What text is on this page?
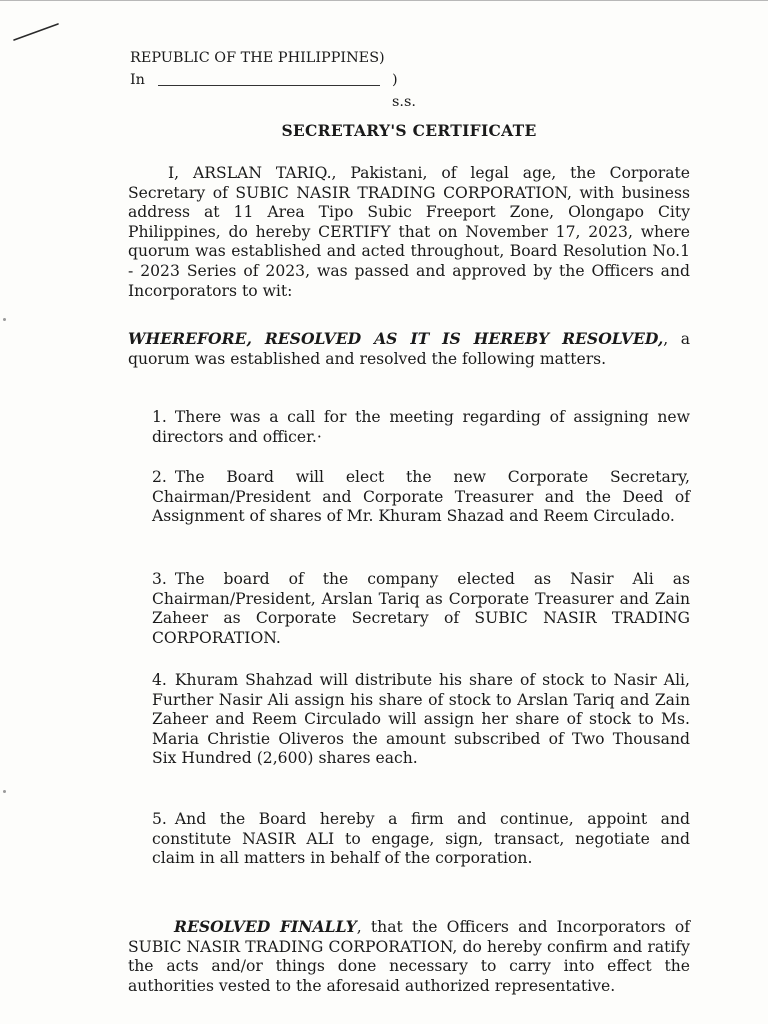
REPUBLIC OF THE PHILIPPINES)
In	) s.s.
SECRETARY'S CERTIFICATE

I, ARSLAN TARIQ., Pakistani, of legal age, the Corporate Secretary of SUBIC NASIR TRADING CORPORATION, with business address at 11 Area Tipo Subic Freeport Zone, Olongapo City Philippines, do hereby CERTIFY that on November 17, 2023, where quorum was established and acted throughout, Board Resolution No.1 - 2023 Series of 2023, was passed and approved by the Officers and Incorporators to wit:

WHEREFORE, RESOLVED AS IT IS HEREBY RESOLVED,, a quorum was established and resolved the following matters.

1. There was a call for the meeting regarding of assigning new directors and officer.·

2. The Board will elect the new Corporate Secretary, Chairman/President and Corporate Treasurer and the Deed of Assignment of shares of Mr. Khuram Shazad and Reem Circulado.

3. The board of the company elected as Nasir Ali as Chairman/President, Arslan Tariq as Corporate Treasurer and Zain Zaheer as Corporate Secretary of SUBIC NASIR TRADING CORPORATION.

4. Khuram Shahzad will distribute his share of stock to Nasir Ali, Further Nasir Ali assign his share of stock to Arslan Tariq and Zain Zaheer and Reem Circulado will assign her share of stock to Ms. Maria Christie Oliveros the amount subscribed of Two Thousand Six Hundred (2,600) shares each.

5. And the Board hereby a firm and continue, appoint and constitute NASIR ALI to engage, sign, transact, negotiate and claim in all matters in behalf of the corporation.

RESOLVED FINALLY, that the Officers and Incorporators of SUBIC NASIR TRADING CORPORATION, do hereby confirm and ratify the acts and/or things done necessary to carry into effect the authorities vested to the aforesaid authorized representative.
